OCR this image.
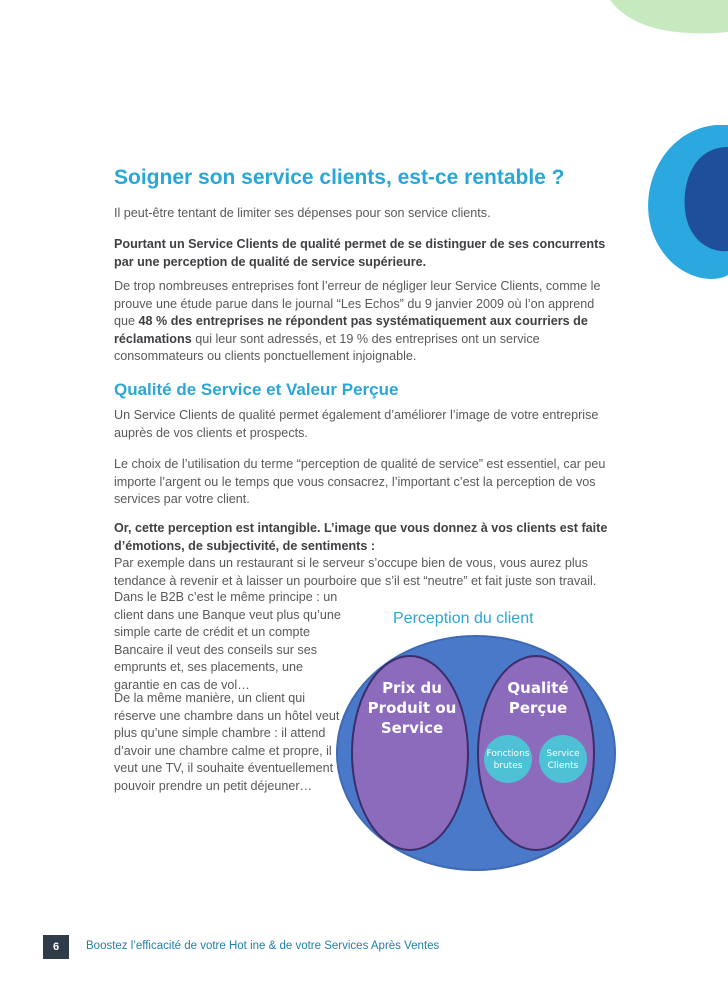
Soigner son service clients, est-ce rentable ?
Il peut-être tentant de limiter ses dépenses pour son service clients.
Pourtant un Service Clients de qualité permet de se distinguer de ses concurrents par une perception de qualité de service supérieure.
De trop nombreuses entreprises font l’erreur de négliger leur Service Clients, comme le prouve une étude parue dans le journal “Les Echos” du 9 janvier 2009 où l’on apprend que 48 % des entreprises ne répondent pas systématiquement aux courriers de réclamations qui leur sont adressés, et 19 % des entreprises ont un service consommateurs ou clients ponctuellement injoignable.
Qualité de Service et Valeur Perçue
Un Service Clients de qualité permet également d’améliorer l’image de votre entreprise auprès de vos clients et prospects.
Le choix de l’utilisation du terme “perception de qualité de service” est essentiel, car peu importe l’argent ou le temps que vous consacrez, l’important c’est la perception de vos services par votre client.
Or, cette perception est intangible. L’image que vous donnez à vos clients est faite d’émotions, de subjectivité, de sentiments :
Par exemple dans un restaurant si le serveur s’occupe bien de vous, vous aurez plus tendance à revenir et à laisser un pourboire que s’il est “neutre” et fait juste son travail.
Dans le B2B c’est le même principe : un client dans une Banque veut plus qu’une simple carte de crédit et un compte Bancaire il veut des conseils sur ses emprunts et, ses placements, une garantie en cas de vol…
De la même manière, un client qui réserve une chambre dans un hôtel veut plus qu’une simple chambre : il attend d’avoir une chambre calme et propre, il veut une TV, il souhaite éventuellement pouvoir prendre un petit déjeuner…
Perception du client
Prix du
Produit ou
Service
Qualité
Perçue
Fonctions
brutes
Service
Clients
6	Boostez l’efficacité de votre Hot ine & de votre Services Après Ventes
